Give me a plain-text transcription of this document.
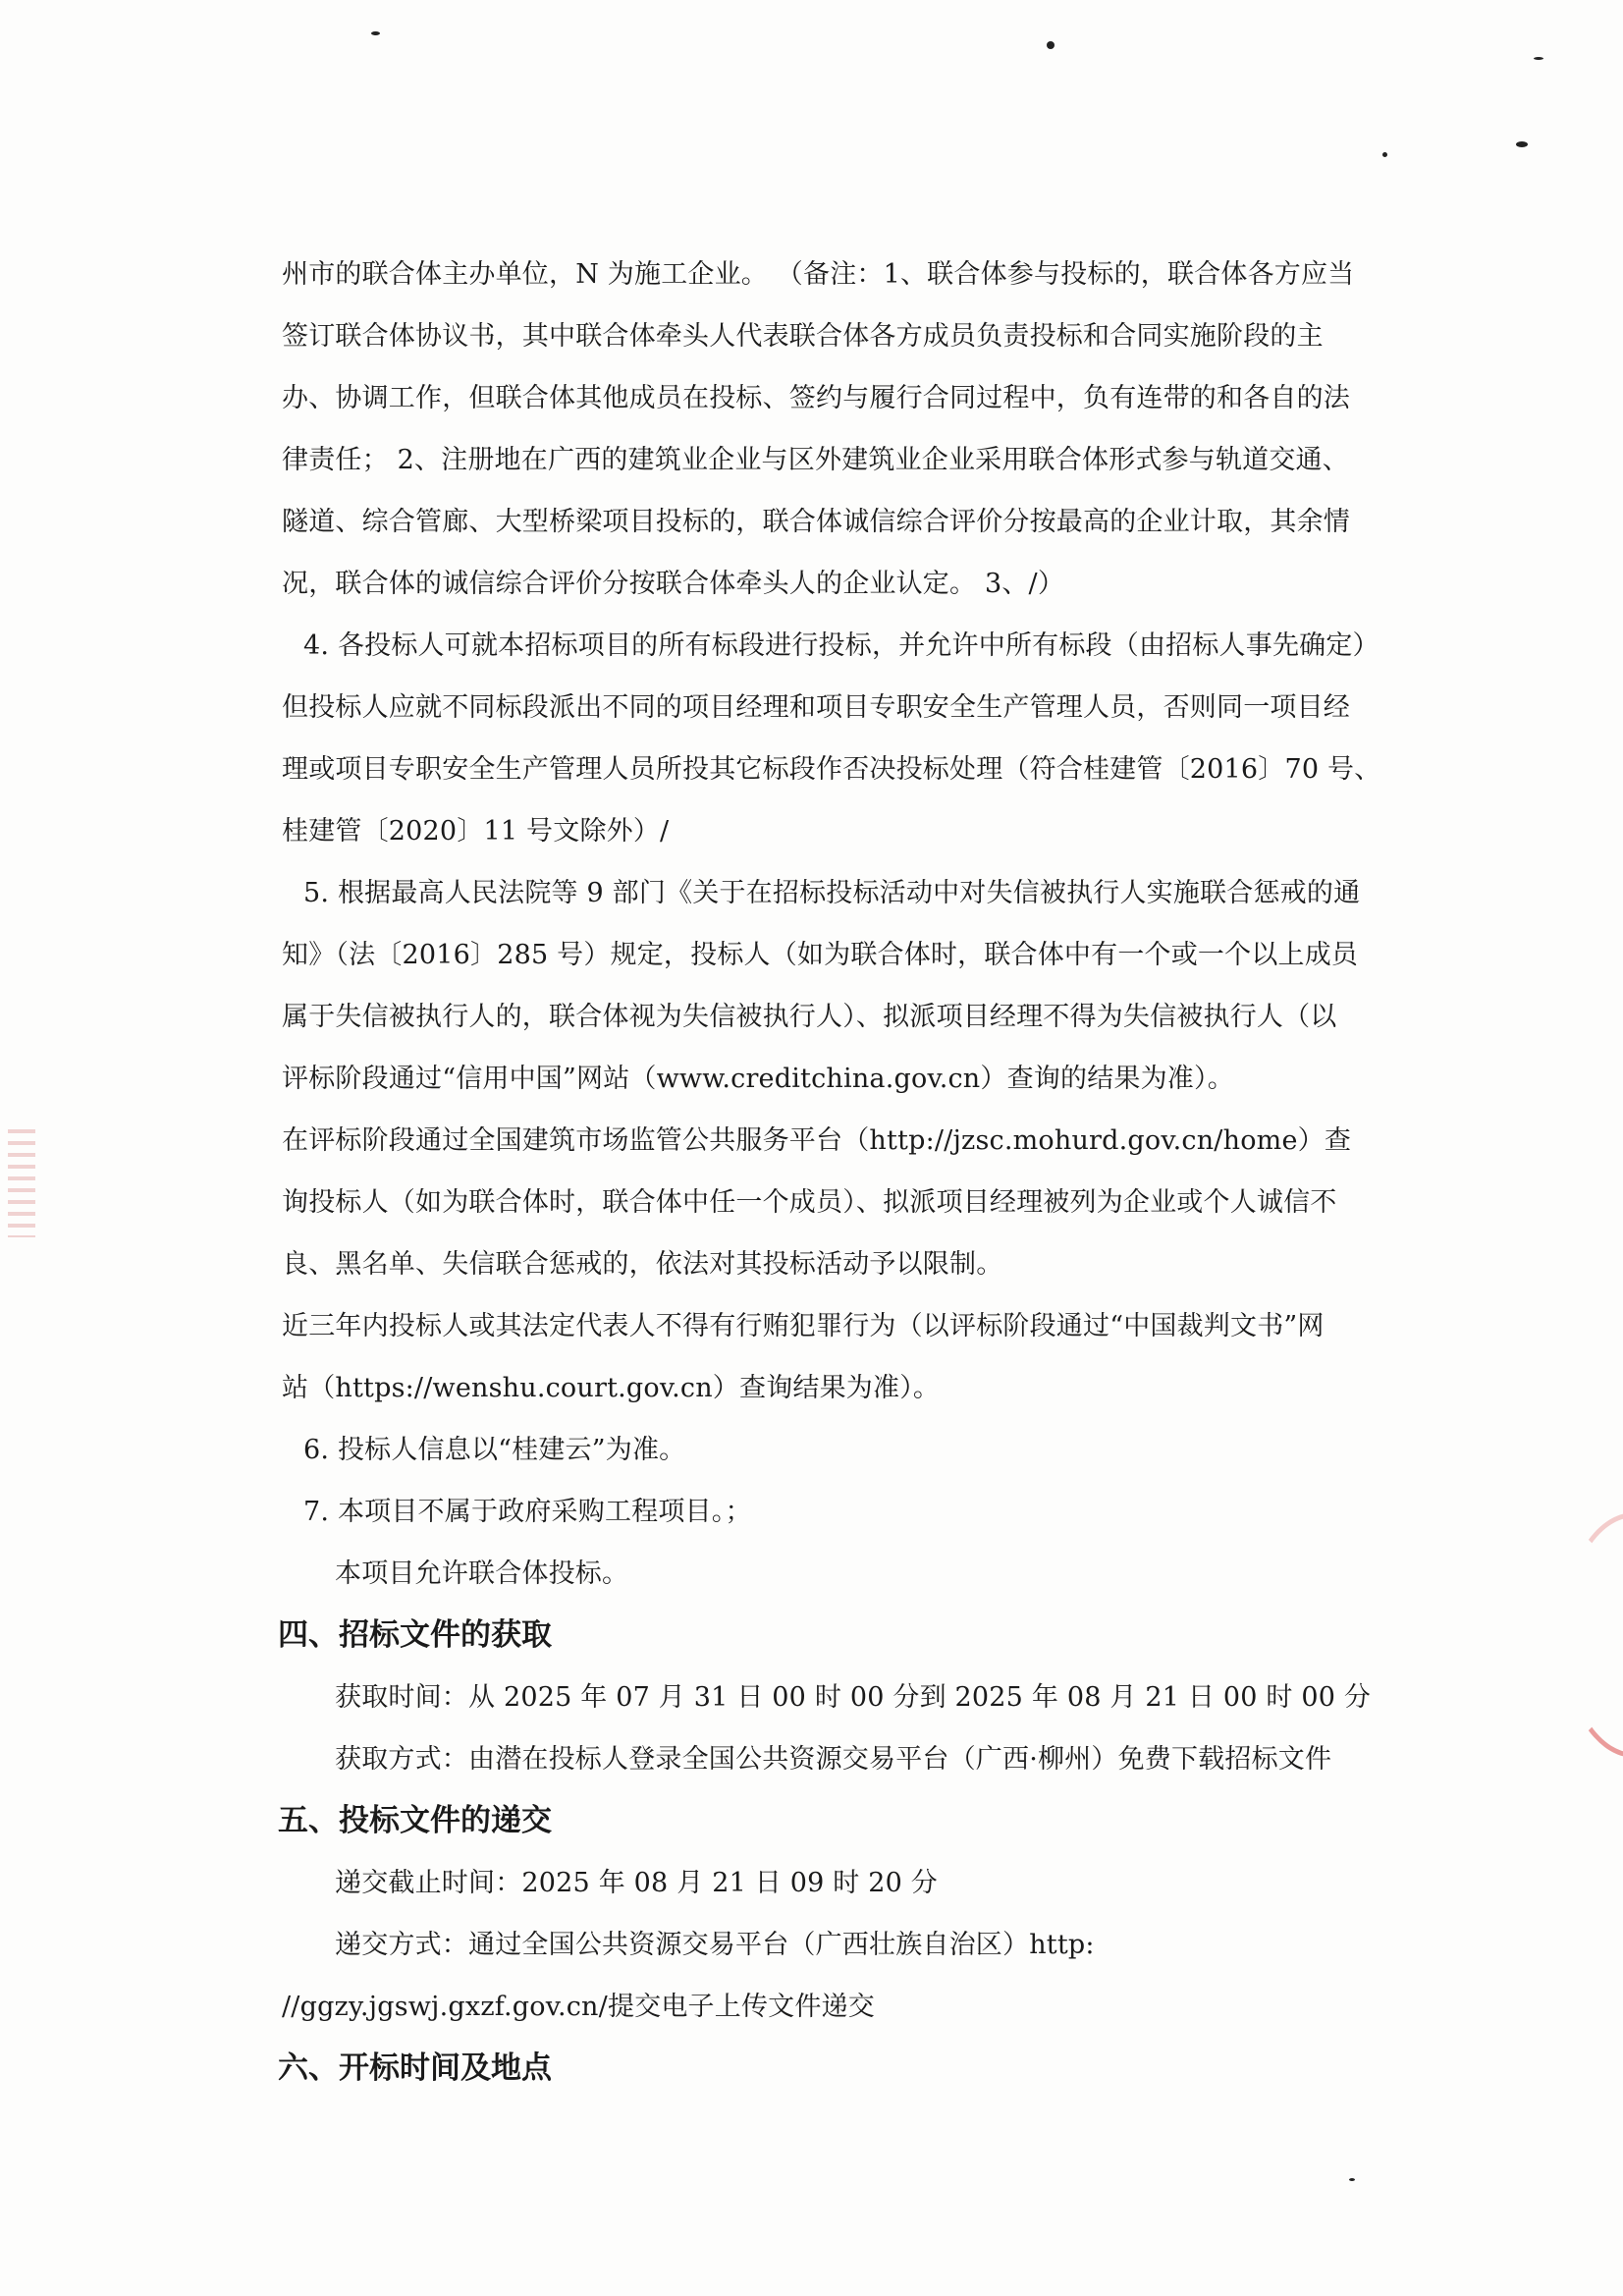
州市的联合体主办单位，N 为施工企业。 （备注：1、联合体参与投标的，联合体各方应当
签订联合体协议书，其中联合体牵头人代表联合体各方成员负责投标和合同实施阶段的主
办、协调工作，但联合体其他成员在投标、签约与履行合同过程中，负有连带的和各自的法
律责任； 2、注册地在广西的建筑业企业与区外建筑业企业采用联合体形式参与轨道交通、
隧道、综合管廊、大型桥梁项目投标的，联合体诚信综合评价分按最高的企业计取，其余情
况，联合体的诚信综合评价分按联合体牵头人的企业认定。 3、/）
4. 各投标人可就本招标项目的所有标段进行投标，并允许中所有标段（由招标人事先确定）
但投标人应就不同标段派出不同的项目经理和项目专职安全生产管理人员，否则同一项目经
理或项目专职安全生产管理人员所投其它标段作否决投标处理（符合桂建管〔2016〕70 号、
桂建管〔2020〕11 号文除外）/
5. 根据最高人民法院等 9 部门《关于在招标投标活动中对失信被执行人实施联合惩戒的通
知》（法〔2016〕285 号）规定，投标人（如为联合体时，联合体中有一个或一个以上成员
属于失信被执行人的，联合体视为失信被执行人）、拟派项目经理不得为失信被执行人（以
评标阶段通过“信用中国”网站（www.creditchina.gov.cn）查询的结果为准）。
在评标阶段通过全国建筑市场监管公共服务平台（http://jzsc.mohurd.gov.cn/home）查
询投标人（如为联合体时，联合体中任一个成员）、拟派项目经理被列为企业或个人诚信不
良、黑名单、失信联合惩戒的，依法对其投标活动予以限制。
近三年内投标人或其法定代表人不得有行贿犯罪行为（以评标阶段通过“中国裁判文书”网
站（https://wenshu.court.gov.cn）查询结果为准）。
6. 投标人信息以“桂建云”为准。
7. 本项目不属于政府采购工程项目。；
本项目允许联合体投标。
四、招标文件的获取
获取时间：从 2025 年 07 月 31 日 00 时 00 分到 2025 年 08 月 21 日 00 时 00 分
获取方式：由潜在投标人登录全国公共资源交易平台（广西·柳州）免费下载招标文件
五、投标文件的递交
递交截止时间：2025 年 08 月 21 日 09 时 20 分
递交方式：通过全国公共资源交易平台（广西壮族自治区）http:
//ggzy.jgswj.gxzf.gov.cn/提交电子上传文件递交
六、开标时间及地点
